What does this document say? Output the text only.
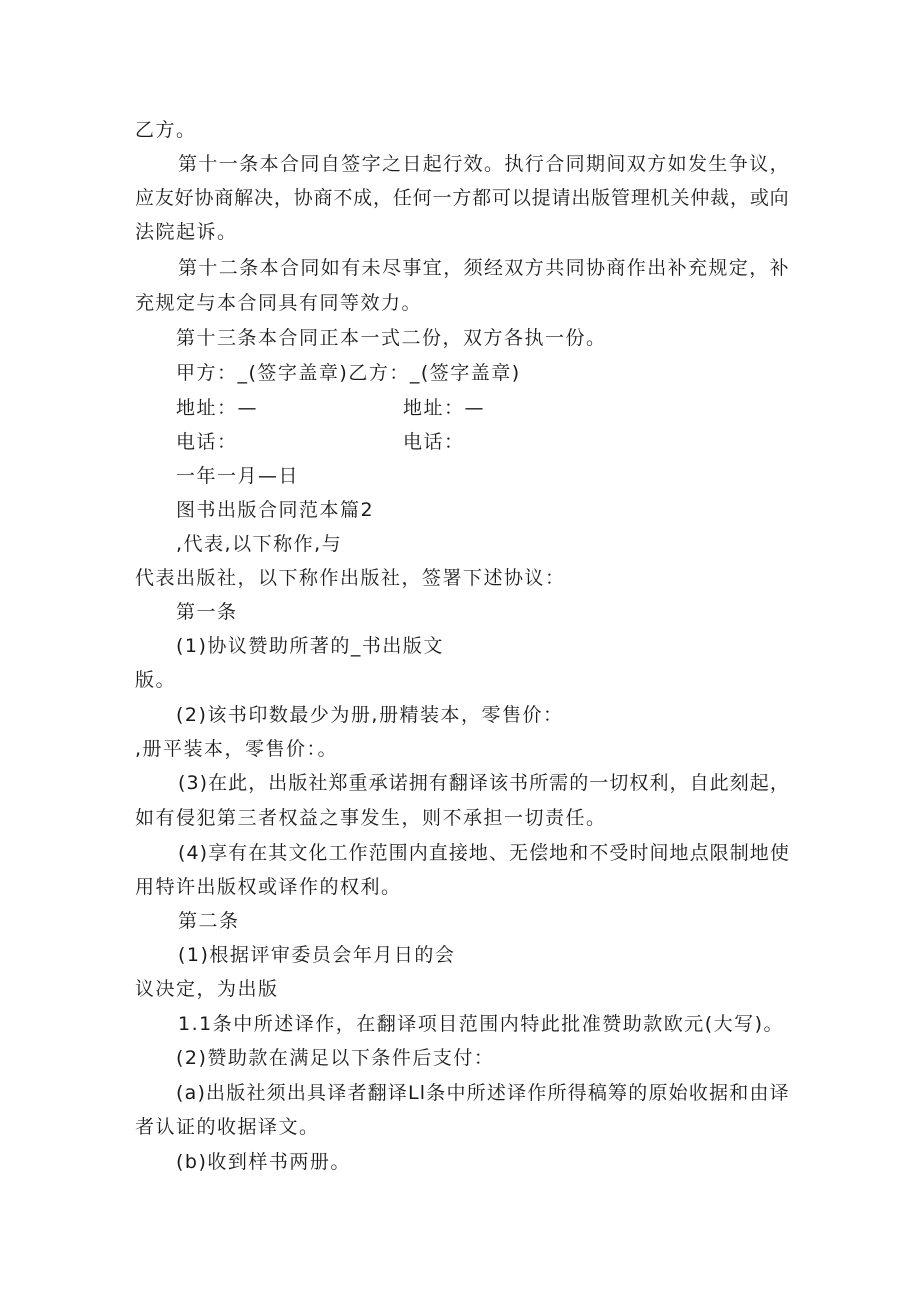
乙方。
第十一条本合同自签字之日起行效。执行合同期间双方如发生争议，
应友好协商解决，协商不成，任何一方都可以提请出版管理机关仲裁，或向
法院起诉。
第十二条本合同如有未尽事宜，须经双方共同协商作出补充规定，补
充规定与本合同具有同等效力。
第十三条本合同正本一式二份，双方各执一份。
甲方：_(签字盖章)乙方：_(签字盖章)
地址：—	地址：—
电话：	电话：
一年一月—日
图书出版合同范本篇2
,代表,以下称作,与
代表出版社，以下称作出版社，签署下述协议：
第一条
(1)协议赞助所著的_书出版文
版。
(2)该书印数最少为册,册精装本，零售价：
,册平装本，零售价：。
(3)在此，出版社郑重承诺拥有翻译该书所需的一切权利，自此刻起，
如有侵犯第三者权益之事发生，则不承担一切责任。
(4)享有在其文化工作范围内直接地、无偿地和不受时间地点限制地使
用特许出版权或译作的权利。
第二条
(1)根据评审委员会年月日的会
议决定，为出版
1.1条中所述译作，在翻译项目范围内特此批准赞助款欧元(大写)。
(2)赞助款在满足以下条件后支付：
(a)出版社须出具译者翻译Ll条中所述译作所得稿筹的原始收据和由译
者认证的收据译文。
(b)收到样书两册。
